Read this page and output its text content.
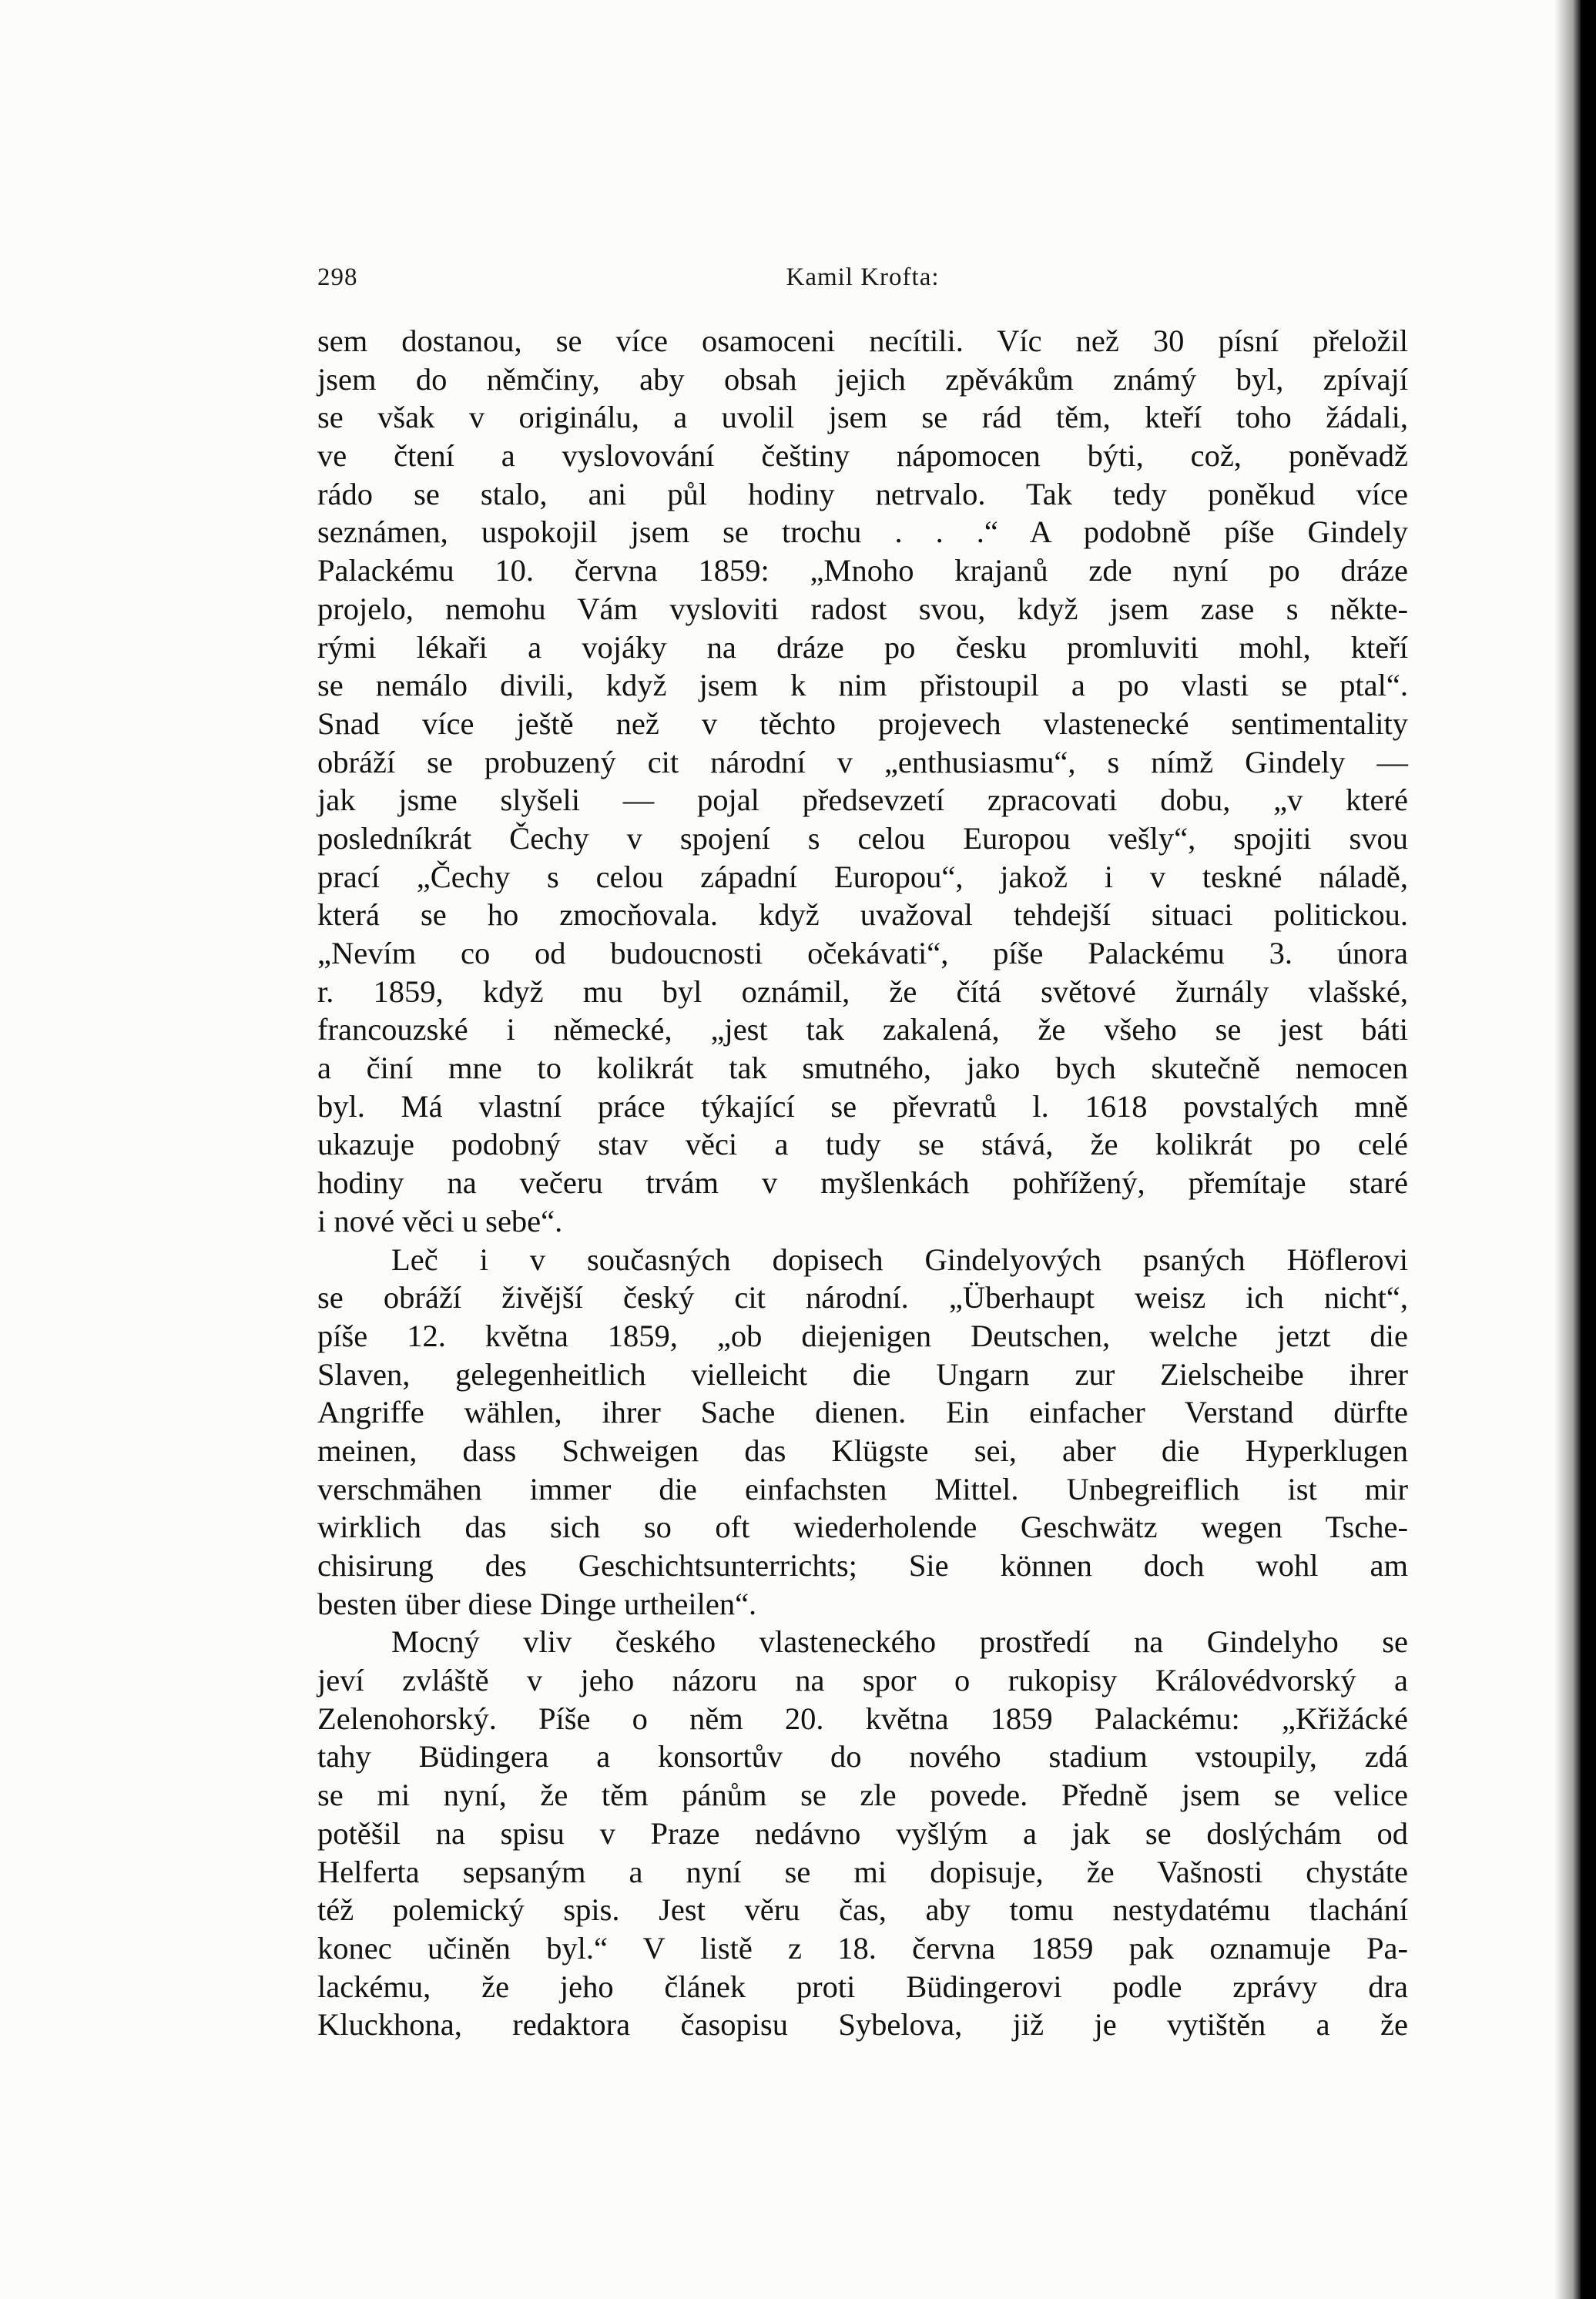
298	Kamil Krofta:
sem dostanou, se více osamoceni necítili. Víc než 30 písní přeložil
jsem do němčiny, aby obsah jejich zpěvákům známý byl, zpívají
se však v originálu, a uvolil jsem se rád těm, kteří toho žádali,
ve čtení a vyslovování češtiny nápomocen býti, což, poněvadž
rádo se stalo, ani půl hodiny netrvalo. Tak tedy poněkud více
seznámen, uspokojil jsem se trochu . . .“ A podobně píše Gindely
Palackému 10. června 1859: „Mnoho krajanů zde nyní po dráze
projelo, nemohu Vám vysloviti radost svou, když jsem zase s někte-
rými lékaři a vojáky na dráze po česku promluviti mohl, kteří
se nemálo divili, když jsem k nim přistoupil a po vlasti se ptal“.
Snad více ještě než v těchto projevech vlastenecké sentimentality
obráží se probuzený cit národní v „enthusiasmu“, s nímž Gindely —
jak jsme slyšeli — pojal předsevzetí zpracovati dobu, „v které
posledníkrát Čechy v spojení s celou Europou vešly“, spojiti svou
prací „Čechy s celou západní Europou“, jakož i v teskné náladě,
která se ho zmocňovala. když uvažoval tehdejší situaci politickou.
„Nevím co od budoucnosti očekávati“, píše Palackému 3. února
r. 1859, když mu byl oznámil, že čítá světové žurnály vlašské,
francouzské i německé, „jest tak zakalená, že všeho se jest báti
a činí mne to kolikrát tak smutného, jako bych skutečně nemocen
byl. Má vlastní práce týkající se převratů l. 1618 povstalých mně
ukazuje podobný stav věci a tudy se stává, že kolikrát po celé
hodiny na večeru trvám v myšlenkách pohřížený, přemítaje staré
i nové věci u sebe“.
Leč i v současných dopisech Gindelyových psaných Höflerovi
se obráží živější český cit národní. „Überhaupt weisz ich nicht“,
píše 12. května 1859, „ob diejenigen Deutschen, welche jetzt die
Slaven, gelegenheitlich vielleicht die Ungarn zur Zielscheibe ihrer
Angriffe wählen, ihrer Sache dienen. Ein einfacher Verstand dürfte
meinen, dass Schweigen das Klügste sei, aber die Hyperklugen
verschmähen immer die einfachsten Mittel. Unbegreiflich ist mir
wirklich das sich so oft wiederholende Geschwätz wegen Tsche-
chisirung des Geschichtsunterrichts; Sie können doch wohl am
besten über diese Dinge urtheilen“.
Mocný vliv českého vlasteneckého prostředí na Gindelyho se
jeví zvláště v jeho názoru na spor o rukopisy Královédvorský a
Zelenohorský. Píše o něm 20. května 1859 Palackému: „Křižácké
tahy Büdingera a konsortův do nového stadium vstoupily, zdá
se mi nyní, že těm pánům se zle povede. Předně jsem se velice
potěšil na spisu v Praze nedávno vyšlým a jak se doslýchám od
Helferta sepsaným a nyní se mi dopisuje, že Vašnosti chystáte
též polemický spis. Jest věru čas, aby tomu nestydatému tlachání
konec učiněn byl.“ V listě z 18. června 1859 pak oznamuje Pa-
lackému, že jeho článek proti Büdingerovi podle zprávy dra
Kluckhona, redaktora časopisu Sybelova, již je vytištěn a že
